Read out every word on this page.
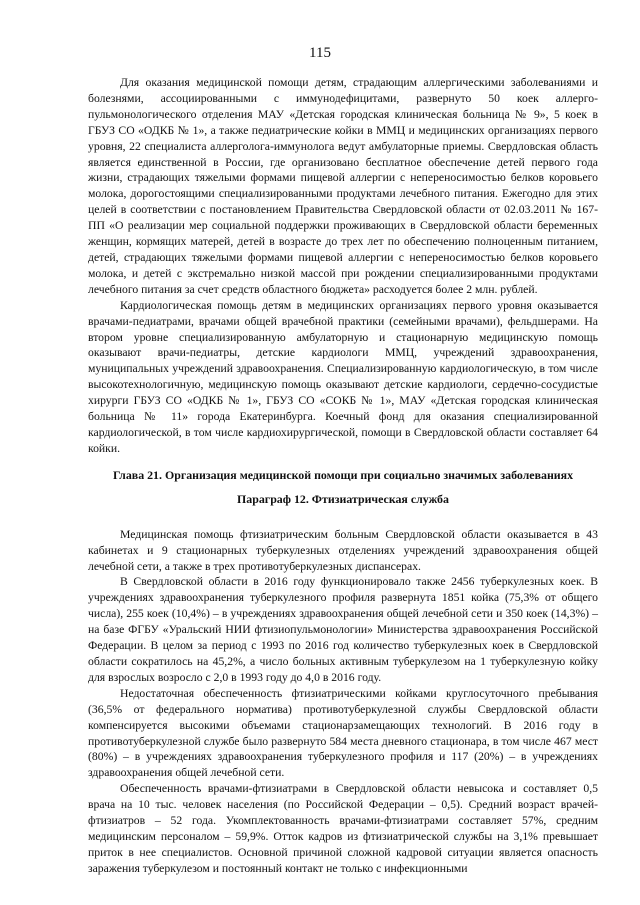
115

Для оказания медицинской помощи детям, страдающим аллергическими заболеваниями и болезнями, ассоциированными с иммунодефицитами, развернуто 50 коек аллерго-пульмонологического отделения МАУ «Детская городская клиническая больница № 9», 5 коек в ГБУЗ СО «ОДКБ № 1», а также педиатрические койки в ММЦ и медицинских организациях первого уровня, 22 специалиста аллерголога-иммунолога ведут амбулаторные приемы. Свердловская область является единственной в России, где организовано бесплатное обеспечение детей первого года жизни, страдающих тяжелыми формами пищевой аллергии с непереносимостью белков коровьего молока, дорогостоящими специализированными продуктами лечебного питания. Ежегодно для этих целей в соответствии с постановлением Правительства Свердловской области от 02.03.2011 № 167-ПП «О реализации мер социальной поддержки проживающих в Свердловской области беременных женщин, кормящих матерей, детей в возрасте до трех лет по обеспечению полноценным питанием, детей, страдающих тяжелыми формами пищевой аллергии с непереносимостью белков коровьего молока, и детей с экстремально низкой массой при рождении специализированными продуктами лечебного питания за счет средств областного бюджета» расходуется более 2 млн. рублей.

Кардиологическая помощь детям в медицинских организациях первого уровня оказывается врачами-педиатрами, врачами общей врачебной практики (семейными врачами), фельдшерами. На втором уровне специализированную амбулаторную и стационарную медицинскую помощь оказывают врачи-педиатры, детские кардиологи ММЦ, учреждений здравоохранения, муниципальных учреждений здравоохранения. Специализированную кардиологическую, в том числе высокотехнологичную, медицинскую помощь оказывают детские кардиологи, сердечно-сосудистые хирурги ГБУЗ СО «ОДКБ № 1», ГБУЗ СО «СОКБ № 1», МАУ «Детская городская клиническая больница № 11» города Екатеринбурга. Коечный фонд для оказания специализированной кардиологической, в том числе кардиохирургической, помощи в Свердловской области составляет 64 койки.

Глава 21. Организация медицинской помощи при социально значимых заболеваниях
Параграф 12. Фтизиатрическая служба

Медицинская помощь фтизиатрическим больным Свердловской области оказывается в 43 кабинетах и 9 стационарных туберкулезных отделениях учреждений здравоохранения общей лечебной сети, а также в трех противотуберкулезных диспансерах.

В Свердловской области в 2016 году функционировало также 2456 туберкулезных коек. В учреждениях здравоохранения туберкулезного профиля развернута 1851 койка (75,3% от общего числа), 255 коек (10,4%) – в учреждениях здравоохранения общей лечебной сети и 350 коек (14,3%) – на базе ФГБУ «Уральский НИИ фтизиопульмонологии» Министерства здравоохранения Российской Федерации. В целом за период с 1993 по 2016 год количество туберкулезных коек в Свердловской области сократилось на 45,2%, а число больных активным туберкулезом на 1 туберкулезную койку для взрослых возросло с 2,0 в 1993 году до 4,0 в 2016 году.

Недостаточная обеспеченность фтизиатрическими койками круглосуточного пребывания (36,5% от федерального норматива) противотуберкулезной службы Свердловской области компенсируется высокими объемами стационарзамещающих технологий. В 2016 году в противотуберкулезной службе было развернуто 584 места дневного стационара, в том числе 467 мест (80%) – в учреждениях здравоохранения туберкулезного профиля и 117 (20%) – в учреждениях здравоохранения общей лечебной сети.

Обеспеченность врачами-фтизиатрами в Свердловской области невысока и составляет 0,5 врача на 10 тыс. человек населения (по Российской Федерации – 0,5). Средний возраст врачей-фтизиатров – 52 года. Укомплектованность врачами-фтизиатрами составляет 57%, средним медицинским персоналом – 59,9%. Отток кадров из фтизиатрической службы на 3,1% превышает приток в нее специалистов. Основной причиной сложной кадровой ситуации является опасность заражения туберкулезом и постоянный контакт не только с инфекционными
